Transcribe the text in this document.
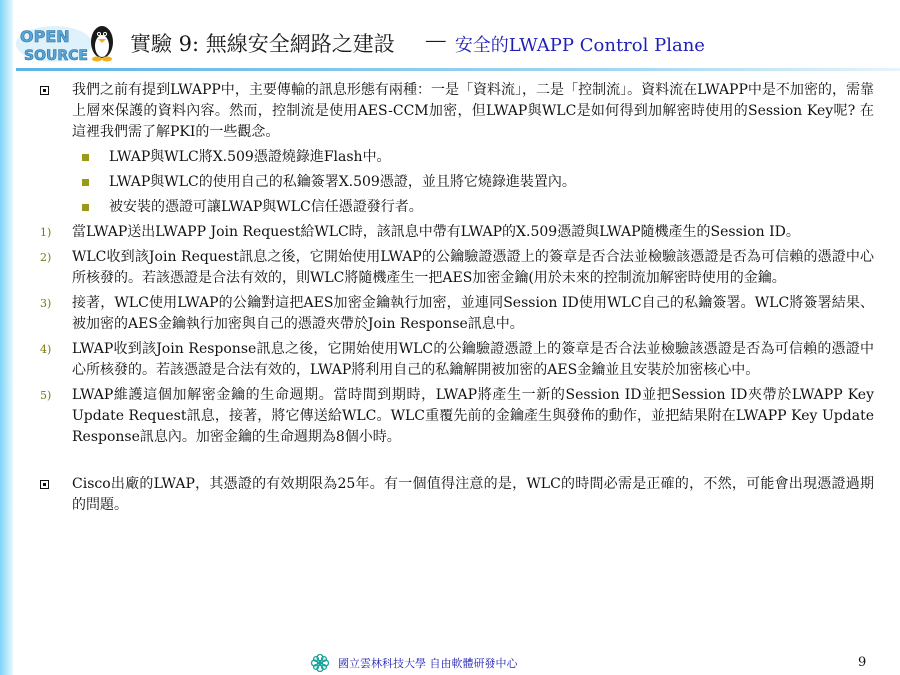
OPEN
SOURCE 實驗 9: 無線安全網路之建設 － 安全的LWAPP Control Plane
我們之前有提到LWAPP中，主要傳輸的訊息形態有兩種：一是「資料流」，二是「控制流」。資料流在LWAPP中是不加密的，需靠上層來保護的資料內容。然而，控制流是使用AES-CCM加密，但LWAP與WLC是如何得到加解密時使用的Session Key呢? 在這裡我們需了解PKI的一些觀念。
LWAP與WLC將X.509憑證燒錄進Flash中。
LWAP與WLC的使用自己的私鑰簽署X.509憑證，並且將它燒錄進裝置內。
被安裝的憑證可讓LWAP與WLC信任憑證發行者。
1) 當LWAP送出LWAPP Join Request給WLC時，該訊息中帶有LWAP的X.509憑證與LWAP隨機產生的Session ID。
2) WLC收到該Join Request訊息之後，它開始使用LWAP的公鑰驗證憑證上的簽章是否合法並檢驗該憑證是否為可信賴的憑證中心所核發的。若該憑證是合法有效的，則WLC將隨機產生一把AES加密金鑰(用於未來的控制流加解密時使用的金鑰。
3) 接著，WLC使用LWAP的公鑰對這把AES加密金鑰執行加密，並連同Session ID使用WLC自己的私鑰簽署。WLC將簽署結果、被加密的AES金鑰執行加密與自己的憑證夾帶於Join Response訊息中。
4) LWAP收到該Join Response訊息之後，它開始使用WLC的公鑰驗證憑證上的簽章是否合法並檢驗該憑證是否為可信賴的憑證中心所核發的。若該憑證是合法有效的，LWAP將利用自己的私鑰解開被加密的AES金鑰並且安裝於加密核心中。
5) LWAP維護這個加解密金鑰的生命週期。當時間到期時，LWAP將產生一新的Session ID並把Session ID夾帶於LWAPP Key Update Request訊息，接著，將它傳送給WLC。WLC重覆先前的金鑰產生與發佈的動作，並把結果附在LWAPP Key Update Response訊息內。加密金鑰的生命週期為8個小時。
Cisco出廠的LWAP，其憑證的有效期限為25年。有一個值得注意的是，WLC的時間必需是正確的，不然，可能會出現憑證過期的問題。
國立雲林科技大學 自由軟體研發中心	9
